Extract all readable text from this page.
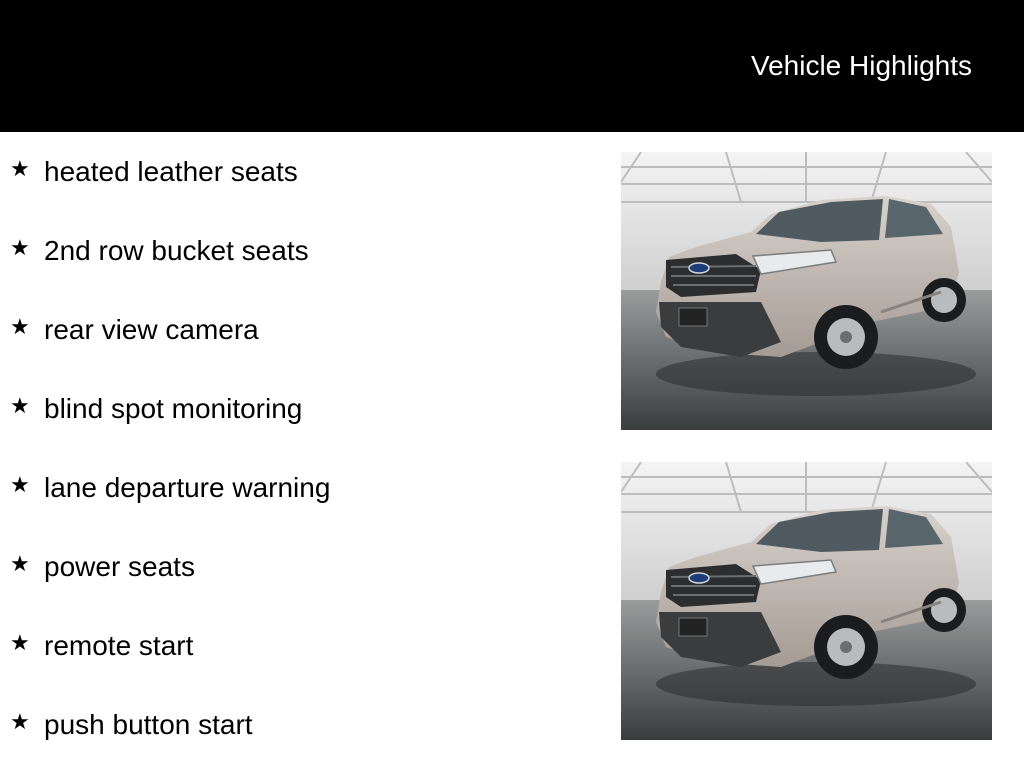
Vehicle Highlights
★ heated leather seats
★ 2nd row bucket seats
★ rear view camera
★ blind spot monitoring
★ lane departure warning
★ power seats
★ remote start
★ push button start
